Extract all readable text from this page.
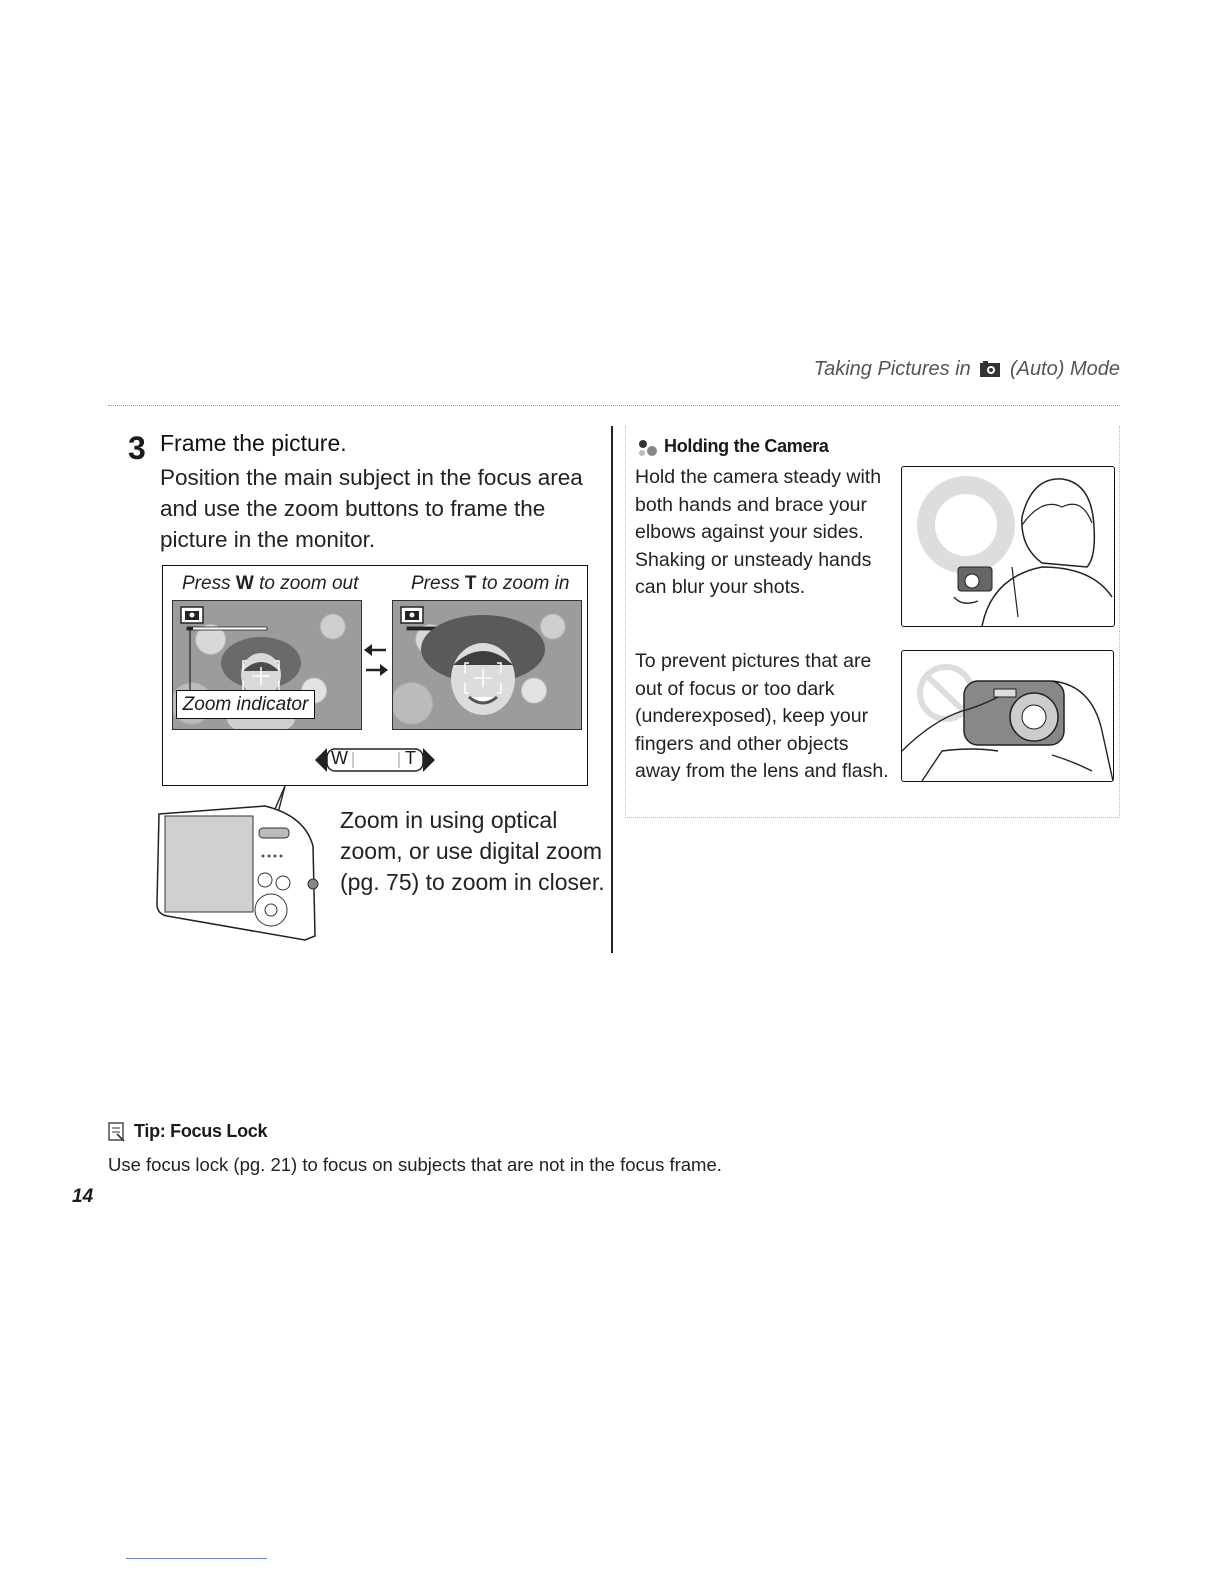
Taking Pictures in (Auto) Mode
3 Frame the picture.
Position the main subject in the focus area and use the zoom buttons to frame the picture in the monitor.
Press W to zoom out	Press T to zoom in
Zoom indicator
W	T
Zoom in using optical zoom, or use digital zoom (pg. 75) to zoom in closer.
Holding the Camera
Hold the camera steady with both hands and brace your elbows against your sides. Shaking or unsteady hands can blur your shots.
To prevent pictures that are out of focus or too dark (underexposed), keep your fingers and other objects away from the lens and flash.
Tip: Focus Lock
Use focus lock (pg. 21) to focus on subjects that are not in the focus frame.
14
